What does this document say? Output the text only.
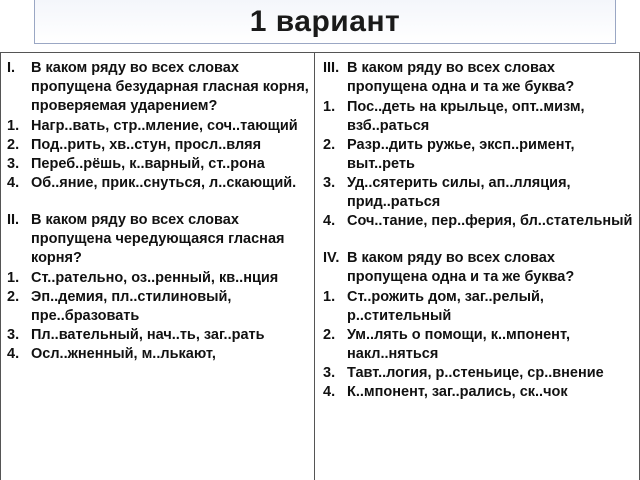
1 вариант
I.	В каком ряду во всех словах пропущена безударная гласная корня, проверяемая ударением?
1. Нагр..вать, стр..мление, соч..тающий
2. Под..рить, хв..стун, просл..вляя
3. Переб..рёшь, к..варный, ст..рона
4. Об..яние, прик..снуться, л..скающий.
II. В каком ряду во всех словах пропущена чередующаяся гласная корня?
1. Ст..рательно, оз..ренный, кв..нция
2. Эп..демия, пл..стилиновый, пре..бразовать
3. Пл..вательный, нач..ть, заг..рать
4. Осл..жненный, м..лькают,
III. В каком ряду во всех словах пропущена одна и та же буква?
1. Пос..деть на крыльце, опт..мизм, взб..раться
2. Разр..дить ружье, эксп..римент, выт..реть
3. Уд..сятерить силы, ап..лляция, прид..раться
4. Соч..тание, пер..ферия, бл..стательный
IV. В каком ряду во всех словах пропущена одна и та же буква?
1. Ст..рожить дом, заг..релый, р..стительный
2. Ум..лять о помощи, к..мпонент, накл..няться
3. Тавт..логия, р..стеньице, ср..внение
4. К..мпонент, заг..рались, ск..чок
